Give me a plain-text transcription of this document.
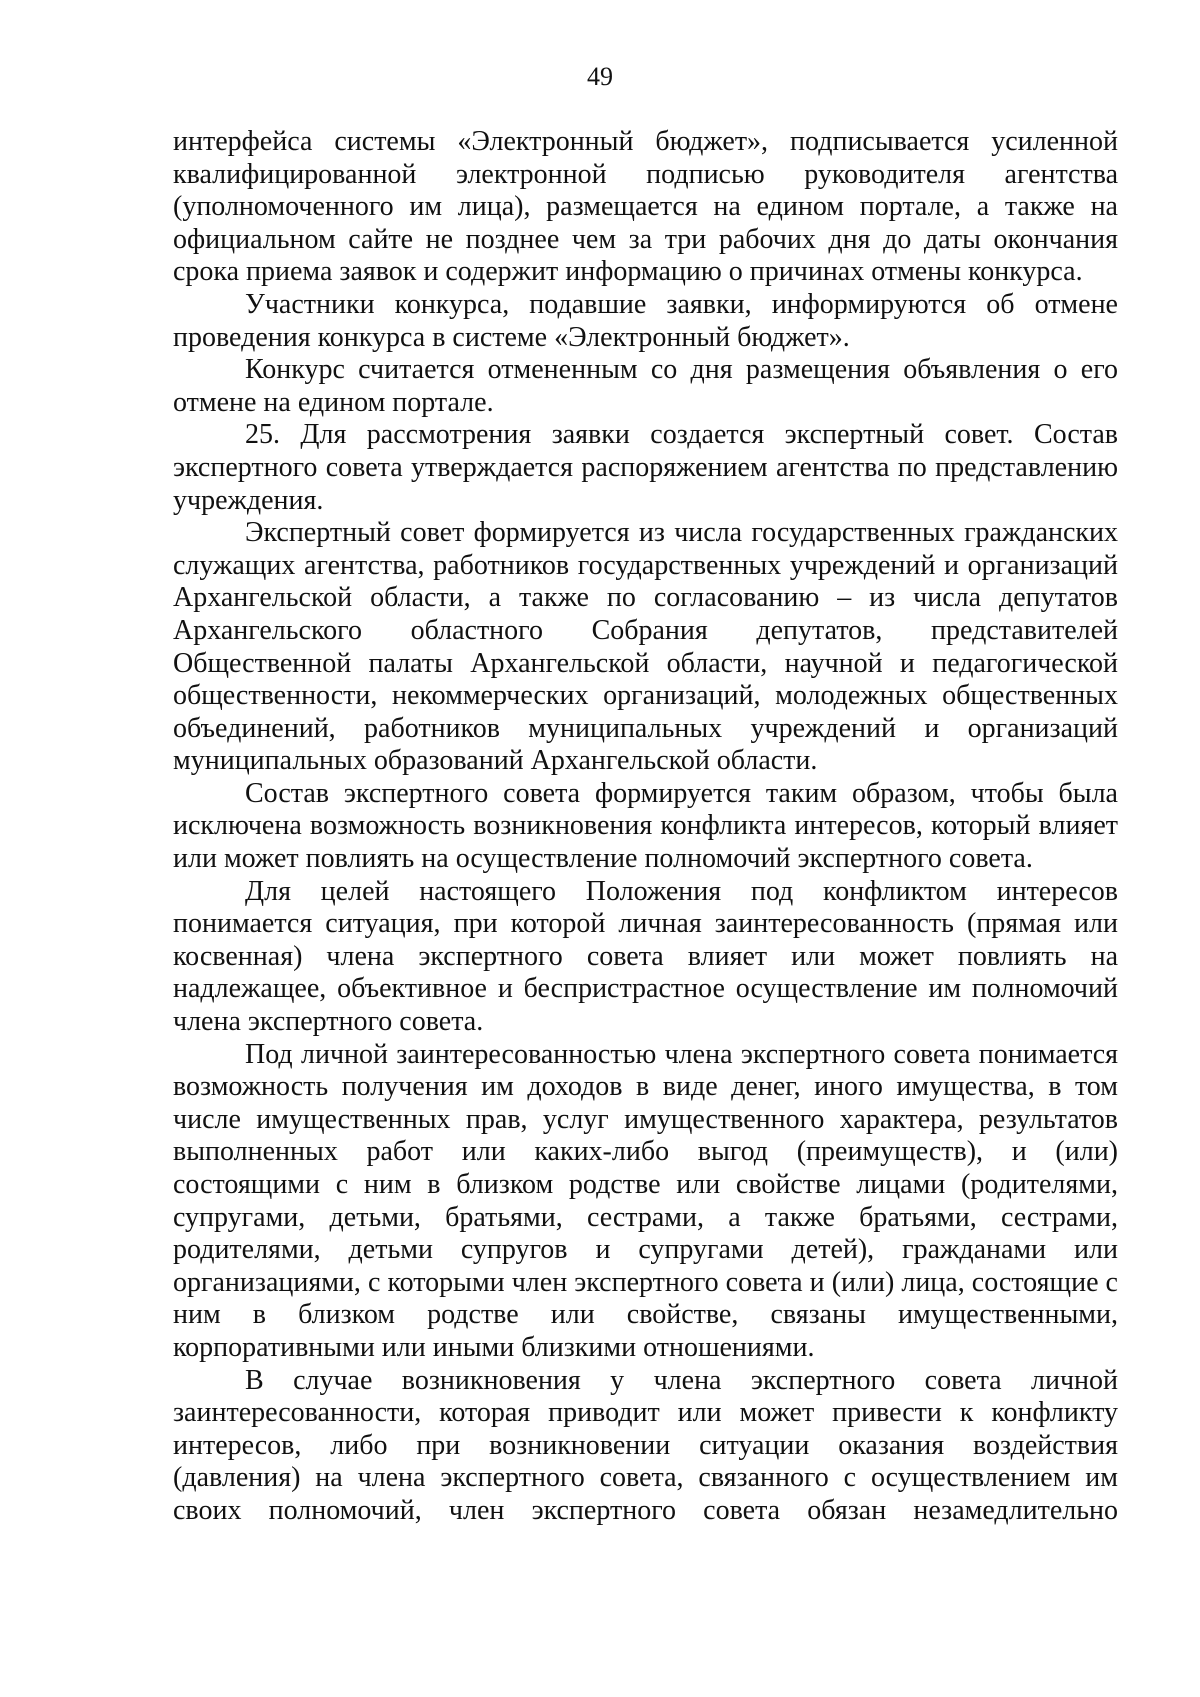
49

интерфейса системы «Электронный бюджет», подписывается усиленной квалифицированной электронной подписью руководителя агентства (уполномоченного им лица), размещается на едином портале, а также на официальном сайте не позднее чем за три рабочих дня до даты окончания срока приема заявок и содержит информацию о причинах отмены конкурса.

Участники конкурса, подавшие заявки, информируются об отмене проведения конкурса в системе «Электронный бюджет».

Конкурс считается отмененным со дня размещения объявления о его отмене на едином портале.

25. Для рассмотрения заявки создается экспертный совет. Состав экспертного совета утверждается распоряжением агентства по представлению учреждения.

Экспертный совет формируется из числа государственных гражданских служащих агентства, работников государственных учреждений и организаций Архангельской области, а также по согласованию – из числа депутатов Архангельского областного Собрания депутатов, представителей Общественной палаты Архангельской области, научной и педагогической общественности, некоммерческих организаций, молодежных общественных объединений, работников муниципальных учреждений и организаций муниципальных образований Архангельской области.

Состав экспертного совета формируется таким образом, чтобы была исключена возможность возникновения конфликта интересов, который влияет или может повлиять на осуществление полномочий экспертного совета.

Для целей настоящего Положения под конфликтом интересов понимается ситуация, при которой личная заинтересованность (прямая или косвенная) члена экспертного совета влияет или может повлиять на надлежащее, объективное и беспристрастное осуществление им полномочий члена экспертного совета.

Под личной заинтересованностью члена экспертного совета понимается возможность получения им доходов в виде денег, иного имущества, в том числе имущественных прав, услуг имущественного характера, результатов выполненных работ или каких-либо выгод (преимуществ), и (или) состоящими с ним в близком родстве или свойстве лицами (родителями, супругами, детьми, братьями, сестрами, а также братьями, сестрами, родителями, детьми супругов и супругами детей), гражданами или организациями, с которыми член экспертного совета и (или) лица, состоящие с ним в близком родстве или свойстве, связаны имущественными, корпоративными или иными близкими отношениями.

В случае возникновения у члена экспертного совета личной заинтересованности, которая приводит или может привести к конфликту интересов, либо при возникновении ситуации оказания воздействия (давления) на члена экспертного совета, связанного с осуществлением им своих полномочий, член экспертного совета обязан незамедлительно
